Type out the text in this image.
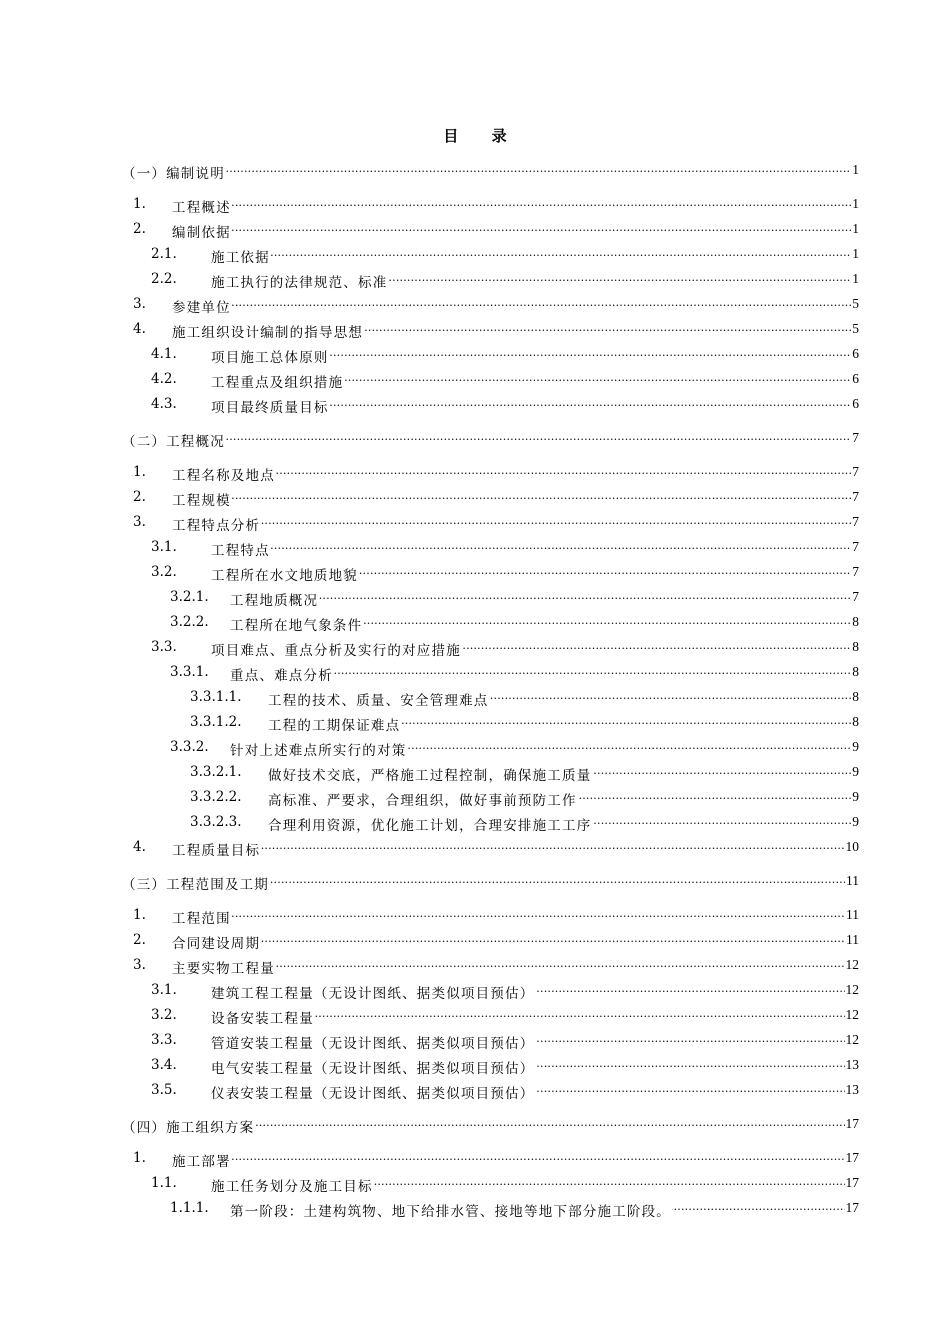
目 录
（一）编制说明 .....	1
1. 工程概述 .....	1
2. 编制依据 .....	1
2.1.	施工依据 .....	1
2.2.	施工执行的法律规范、标准 .....	1
3. 参建单位 .....	5
4. 施工组织设计编制的指导思想 .....	5
4.1.	项目施工总体原则 .....	6
4.2.	工程重点及组织措施 .....	6
4.3.	项目最终质量目标 .....	6
（二）工程概况 .....	7
1. 工程名称及地点 .....	7
2. 工程规模 .....	7
3. 工程特点分析 .....	7
3.1.	工程特点 .....	7
3.2.	工程所在水文地质地貌 .....	7
3.2.1. 工程地质概况 .....	7
3.2.2. 工程所在地气象条件 .....	8
3.3.	项目难点、重点分析及实行的对应措施 .....	8
3.3.1. 重点、难点分析 .....	8
3.3.1.1. 工程的技术、质量、安全管理难点 .....	8
3.3.1.2. 工程的工期保证难点 .....	8
3.3.2. 针对上述难点所实行的对策 .....	9
3.3.2.1. 做好技术交底，严格施工过程控制，确保施工质量 .....	9
3.3.2.2. 高标准、严要求，合理组织，做好事前预防工作 .....	9
3.3.2.3. 合理利用资源，优化施工计划，合理安排施工工序 .....	9
4. 工程质量目标 .....	10
（三）工程范围及工期 .....	11
1. 工程范围 .....	11
2. 合同建设周期 .....	11
3. 主要实物工程量 .....	12
3.1.	建筑工程工程量（无设计图纸、据类似项目预估） .....	12
3.2.	设备安装工程量 .....	12
3.3.	管道安装工程量（无设计图纸、据类似项目预估） .....	12
3.4.	电气安装工程量（无设计图纸、据类似项目预估） .....	13
3.5.	仪表安装工程量（无设计图纸、据类似项目预估） .....	13
（四）施工组织方案 .....	17
1. 施工部署 .....	17
1.1.	施工任务划分及施工目标 .....	17
1.1.1. 第一阶段：土建构筑物、地下给排水管、接地等地下部分施工阶段。 .....	17
